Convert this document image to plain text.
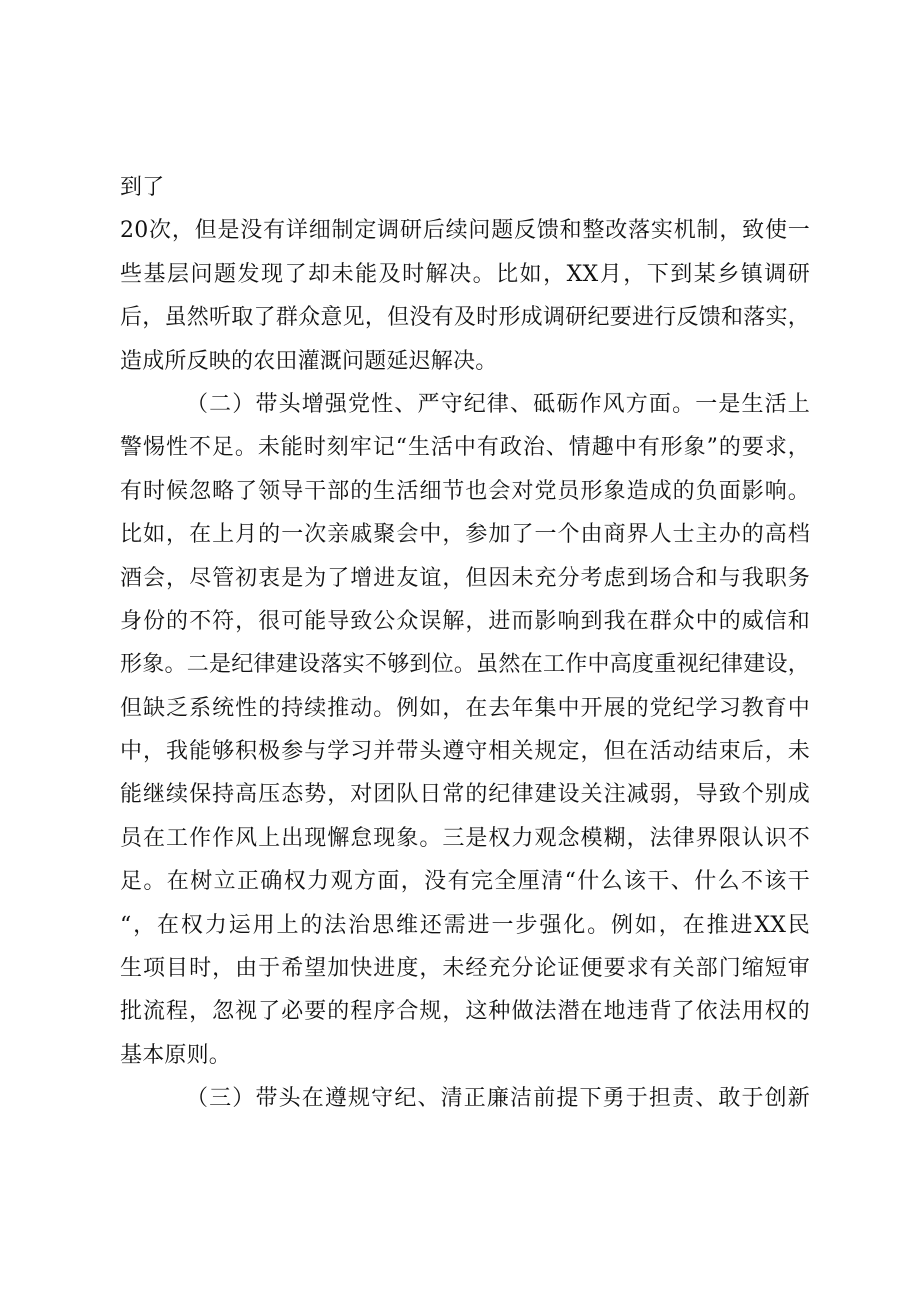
到了
20次，但是没有详细制定调研后续问题反馈和整改落实机制，致使一
些基层问题发现了却未能及时解决。比如，XX月，下到某乡镇调研
后，虽然听取了群众意见，但没有及时形成调研纪要进行反馈和落实，
造成所反映的农田灌溉问题延迟解决。
（二）带头增强党性、严守纪律、砥砺作风方面。一是生活上
警惕性不足。未能时刻牢记“生活中有政治、情趣中有形象”的要求，
有时候忽略了领导干部的生活细节也会对党员形象造成的负面影响。
比如，在上月的一次亲戚聚会中，参加了一个由商界人士主办的高档
酒会，尽管初衷是为了增进友谊，但因未充分考虑到场合和与我职务
身份的不符，很可能导致公众误解，进而影响到我在群众中的威信和
形象。二是纪律建设落实不够到位。虽然在工作中高度重视纪律建设，
但缺乏系统性的持续推动。例如，在去年集中开展的党纪学习教育中
中，我能够积极参与学习并带头遵守相关规定，但在活动结束后，未
能继续保持高压态势，对团队日常的纪律建设关注减弱，导致个别成
员在工作作风上出现懈怠现象。三是权力观念模糊，法律界限认识不
足。在树立正确权力观方面，没有完全厘清“什么该干、什么不该干
“，在权力运用上的法治思维还需进一步强化。例如，在推进XX民
生项目时，由于希望加快进度，未经充分论证便要求有关部门缩短审
批流程，忽视了必要的程序合规，这种做法潜在地违背了依法用权的
基本原则。
（三）带头在遵规守纪、清正廉洁前提下勇于担责、敢于创新
